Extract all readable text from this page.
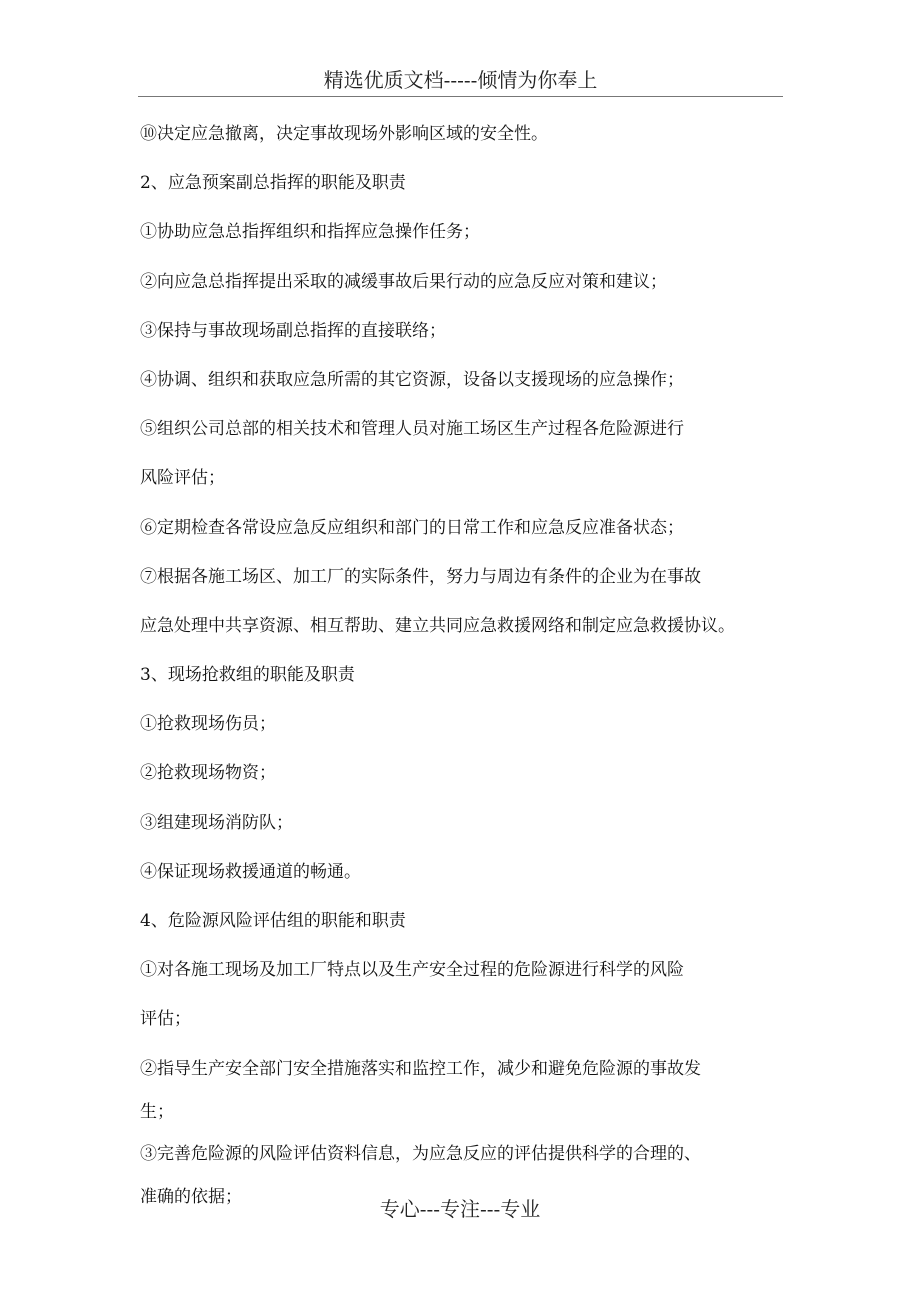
精选优质文档-----倾情为你奉上
⑩决定应急撤离，决定事故现场外影响区域的安全性。
2、应急预案副总指挥的职能及职责
①协助应急总指挥组织和指挥应急操作任务；
②向应急总指挥提出采取的减缓事故后果行动的应急反应对策和建议；
③保持与事故现场副总指挥的直接联络；
④协调、组织和获取应急所需的其它资源，设备以支援现场的应急操作；
⑤组织公司总部的相关技术和管理人员对施工场区生产过程各危险源进行
风险评估；
⑥定期检查各常设应急反应组织和部门的日常工作和应急反应准备状态；
⑦根据各施工场区、加工厂的实际条件，努力与周边有条件的企业为在事故
应急处理中共享资源、相互帮助、建立共同应急救援网络和制定应急救援协议。
3、现场抢救组的职能及职责
①抢救现场伤员；
②抢救现场物资；
③组建现场消防队；
④保证现场救援通道的畅通。
4、危险源风险评估组的职能和职责
①对各施工现场及加工厂特点以及生产安全过程的危险源进行科学的风险
评估；
②指导生产安全部门安全措施落实和监控工作，减少和避免危险源的事故发
生；
③完善危险源的风险评估资料信息，为应急反应的评估提供科学的合理的、
准确的依据；
专心---专注---专业
